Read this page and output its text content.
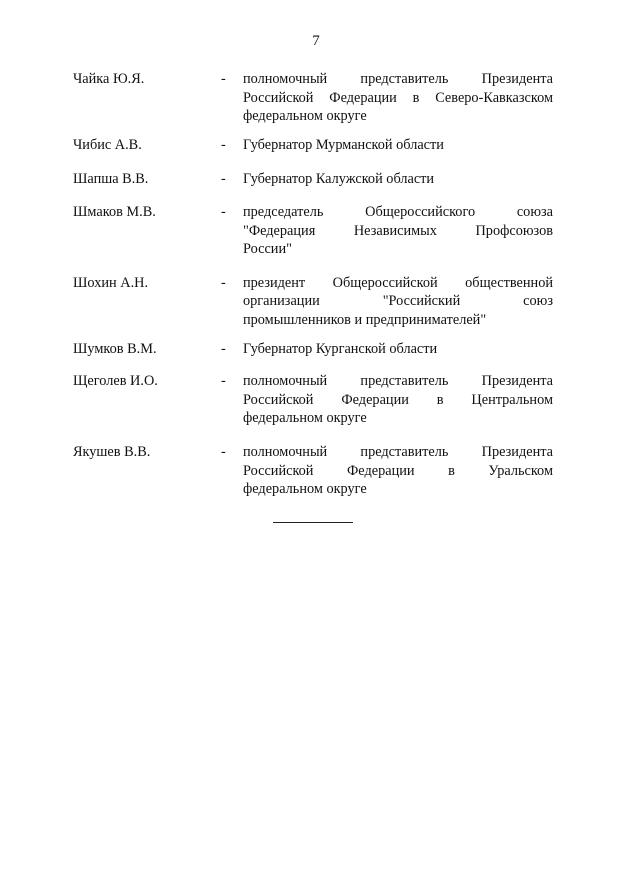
7
Чайка Ю.Я.	-	полномочный представитель Президента
Российской Федерации в Северо-Кавказском
федеральном округе
Чибис А.В.	-	Губернатор Мурманской области
Шапша В.В.	-	Губернатор Калужской области
Шмаков М.В.	-	председатель Общероссийского союза
"Федерация Независимых Профсоюзов
России"
Шохин А.Н.	-	президент Общероссийской общественной
организации "Российский союз
промышленников и предпринимателей"
Шумков В.М.	-	Губернатор Курганской области
Щеголев И.О.	-	полномочный представитель Президента
Российской Федерации в Центральном
федеральном округе
Якушев В.В.	-	полномочный представитель Президента
Российской Федерации в Уральском
федеральном округе
